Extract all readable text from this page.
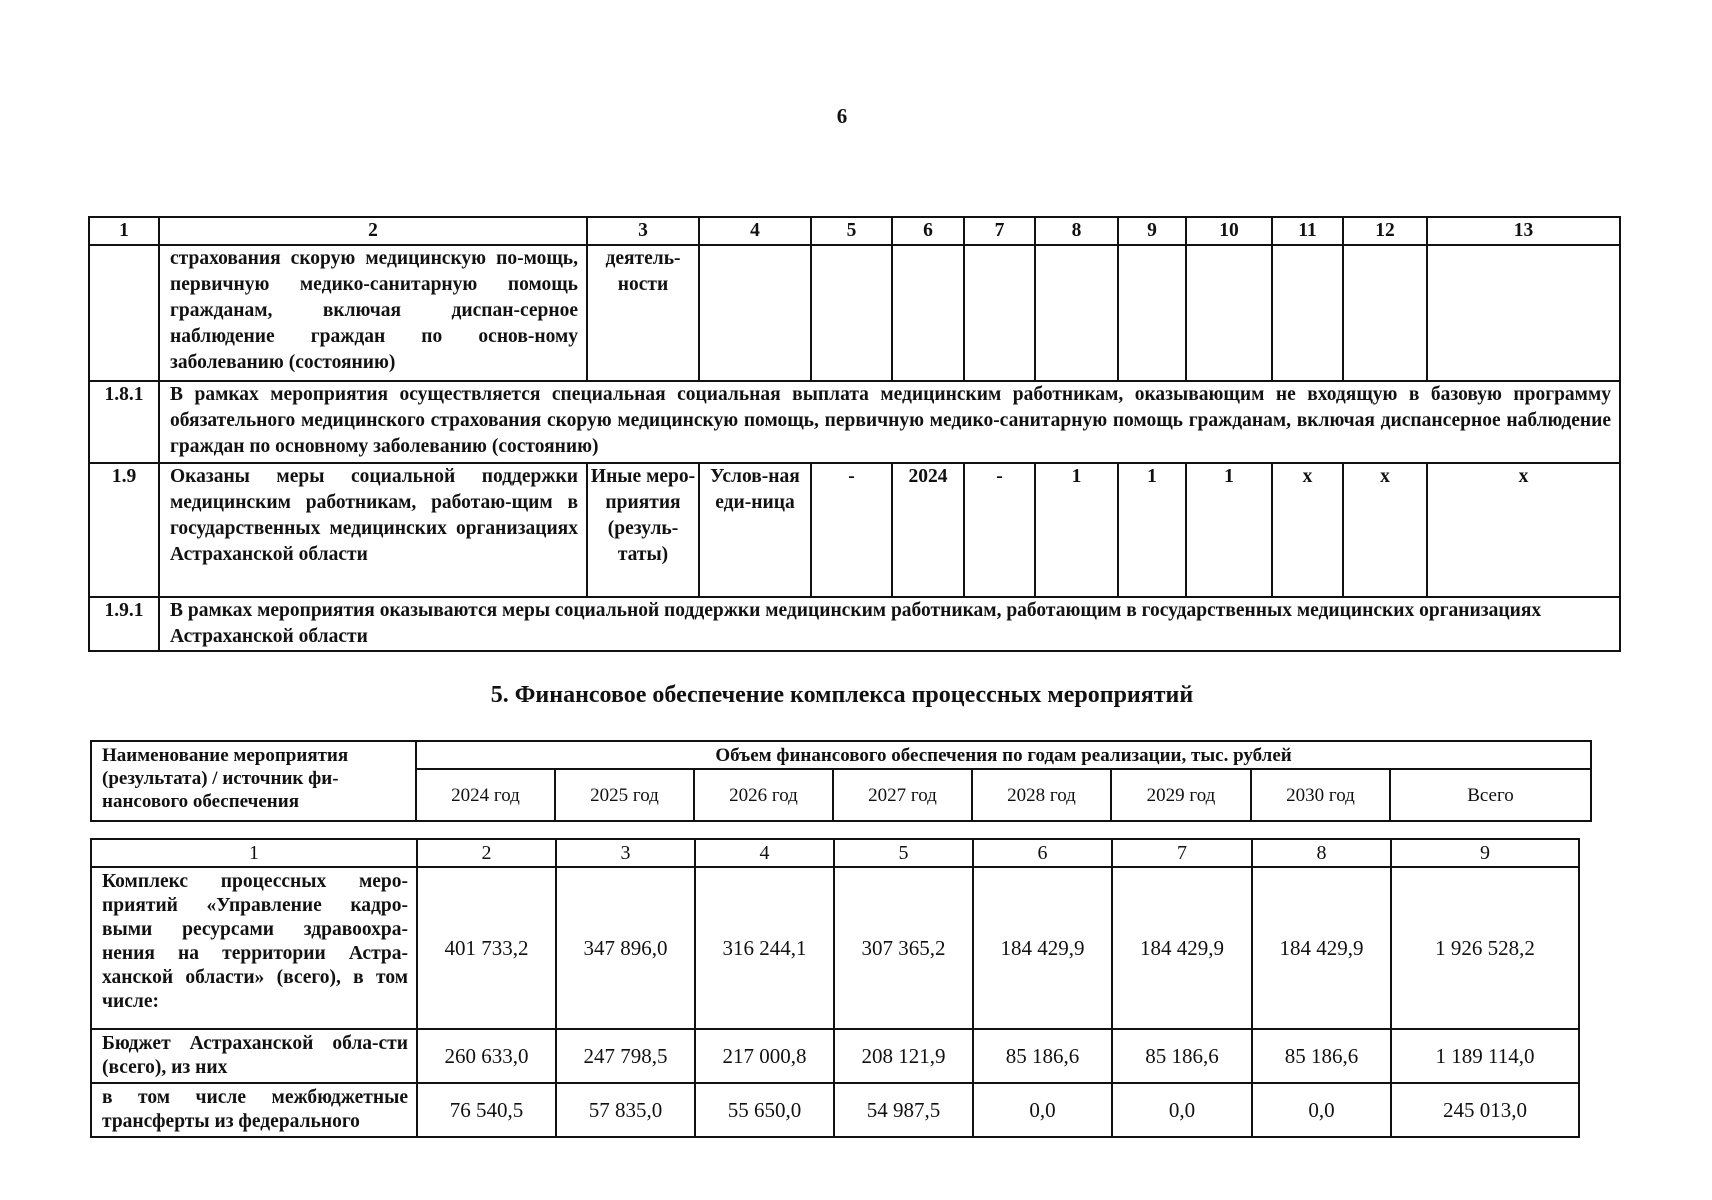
6
1	2	3	4	5	6	7	8	9	10	11	12	13
	страхования скорую медицинскую по-мощь, первичную медико-санитарную помощь гражданам, включая диспан-серное наблюдение граждан по основ-ному заболеванию (состоянию)	деятель-ности										
1.8.1	В рамках мероприятия осуществляется специальная социальная выплата медицинским работникам, оказывающим не входящую в базовую программу обязательного медицинского страхования скорую медицинскую помощь, первичную медико-санитарную помощь гражданам, включая диспансерное наблюдение граждан по основному заболеванию (состоянию)											
1.9	Оказаны меры социальной поддержки медицинским работникам, работаю-щим в государственных медицинских организациях Астраханской области	Иные меро-приятия (резуль-таты)	Услов-ная еди-ница	-	2024	-	1	1	1	х	х	х
1.9.1	В рамках мероприятия оказываются меры социальной поддержки медицинским работникам, работающим в государственных медицинских организациях Астраханской области											
5. Финансовое обеспечение комплекса процессных мероприятий
Наименование мероприятия (результата) / источник фи-нансового обеспечения	Объем финансового обеспечения по годам реализации, тыс. рублей							
	2024 год	2025 год	2026 год	2027 год	2028 год	2029 год	2030 год	Всего
1	2	3	4	5	6	7	8	9
Комплекс процессных меро-приятий «Управление кадро-выми ресурсами здравоохра-нения на территории Астра-ханской области» (всего), в том числе:	401 733,2	347 896,0	316 244,1	307 365,2	184 429,9	184 429,9	184 429,9	1 926 528,2
Бюджет Астраханской обла-сти (всего), из них	260 633,0	247 798,5	217 000,8	208 121,9	85 186,6	85 186,6	85 186,6	1 189 114,0
в том числе межбюджетные трансферты из федерального	76 540,5	57 835,0	55 650,0	54 987,5	0,0	0,0	0,0	245 013,0
